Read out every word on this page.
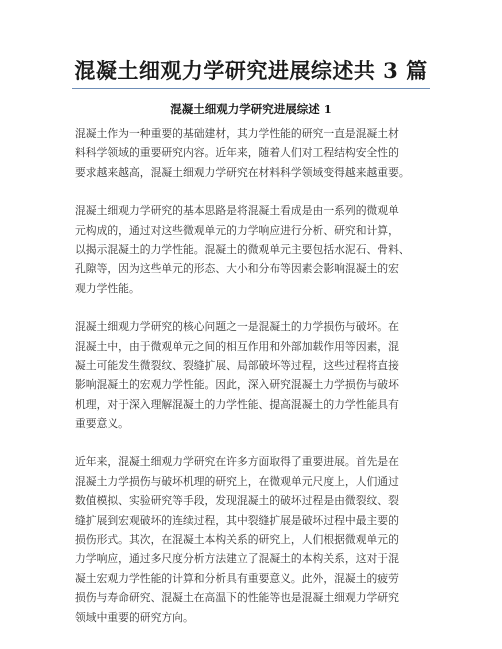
混凝土细观力学研究进展综述共 3 篇
混凝土细观力学研究进展综述 1
混凝土作为一种重要的基础建材，其力学性能的研究一直是混凝土材
料科学领域的重要研究内容。近年来，随着人们对工程结构安全性的
要求越来越高，混凝土细观力学研究在材料科学领域变得越来越重要。
混凝土细观力学研究的基本思路是将混凝土看成是由一系列的微观单
元构成的，通过对这些微观单元的力学响应进行分析、研究和计算，
以揭示混凝土的力学性能。混凝土的微观单元主要包括水泥石、骨料、
孔隙等，因为这些单元的形态、大小和分布等因素会影响混凝土的宏
观力学性能。
混凝土细观力学研究的核心问题之一是混凝土的力学损伤与破坏。在
混凝土中，由于微观单元之间的相互作用和外部加载作用等因素，混
凝土可能发生微裂纹、裂缝扩展、局部破坏等过程，这些过程将直接
影响混凝土的宏观力学性能。因此，深入研究混凝土力学损伤与破坏
机理，对于深入理解混凝土的力学性能、提高混凝土的力学性能具有
重要意义。
近年来，混凝土细观力学研究在许多方面取得了重要进展。首先是在
混凝土力学损伤与破坏机理的研究上，在微观单元尺度上，人们通过
数值模拟、实验研究等手段，发现混凝土的破坏过程是由微裂纹、裂
缝扩展到宏观破坏的连续过程，其中裂缝扩展是破坏过程中最主要的
损伤形式。其次，在混凝土本构关系的研究上，人们根据微观单元的
力学响应，通过多尺度分析方法建立了混凝土的本构关系，这对于混
凝土宏观力学性能的计算和分析具有重要意义。此外，混凝土的疲劳
损伤与寿命研究、混凝土在高温下的性能等也是混凝土细观力学研究
领域中重要的研究方向。
